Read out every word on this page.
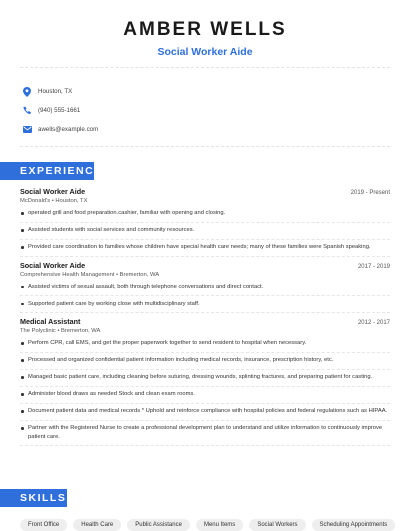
AMBER WELLS
Social Worker Aide
Houston, TX
(940) 555-1661
awells@example.com
EXPERIENCE
Social Worker Aide	2019 - Present
McDonald's • Houston, TX
operated grill and food preparation.cashier, familiar with opening and closing.
Assisted students with social services and community resources.
Provided care coordination to families whose children have special health care needs; many of these families were Spanish speaking.
Social Worker Aide	2017 - 2019
Comprehensive Health Management • Bremerton, WA
Assisted victims of sexual assault, both through telephone conversations and direct contact.
Supported patient care by working close with multidisciplinary staff.
Medical Assistant	2012 - 2017
The Polyclinic • Bremerton, WA
Perform CPR, call EMS, and get the proper paperwork together to send resident to hospital when necessary.
Processed and organized confidential patient information including medical records, insurance, prescription history, etc.
Managed basic patient care, including cleaning before suturing, dressing wounds, splinting fractures, and preparing patient for casting.
Administer blood draws as needed Stock and clean exam rooms.
Document patient data and medical records * Uphold and reinforce compliance with hospital policies and federal regulations such as HIPAA.
Partner with the Registered Nurse to create a professional development plan to understand and utilize information to continuously improve patient care.
SKILLS
Front Office	Health Care	Public Assistance	Menu Items	Social Workers	Scheduling Appointments
